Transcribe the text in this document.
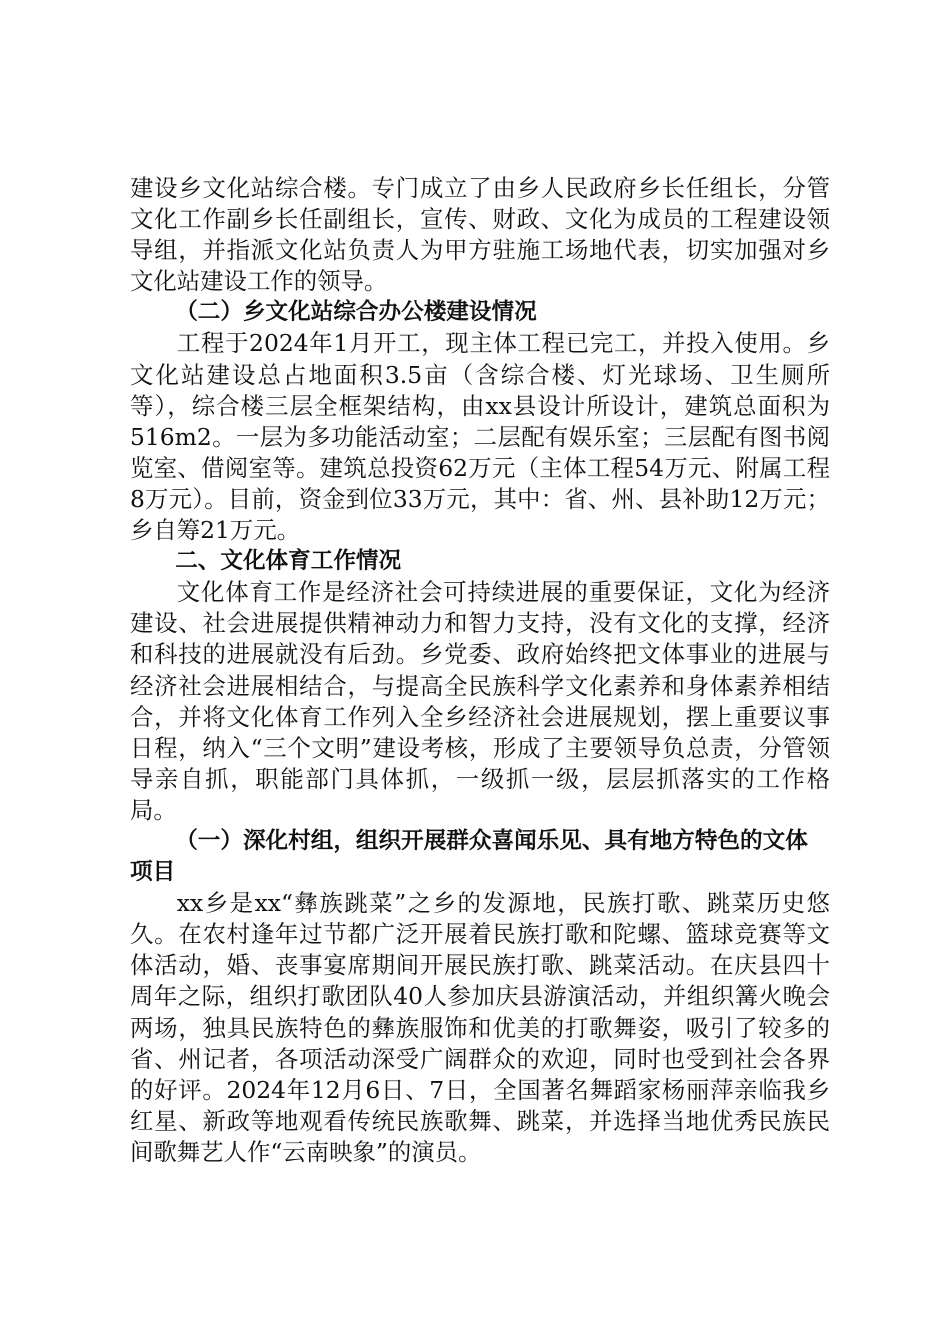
建设乡文化站综合楼。专门成立了由乡人民政府乡长任组长，分管文化工作副乡长任副组长，宣传、财政、文化为成员的工程建设领导组，并指派文化站负责人为甲方驻施工场地代表，切实加强对乡文化站建设工作的领导。

（二）乡文化站综合办公楼建设情况

工程于2024年1月开工，现主体工程已完工，并投入使用。乡文化站建设总占地面积3.5亩（含综合楼、灯光球场、卫生厕所等），综合楼三层全框架结构，由xx县设计所设计，建筑总面积为516m2。一层为多功能活动室；二层配有娱乐室；三层配有图书阅览室、借阅室等。建筑总投资62万元（主体工程54万元、附属工程8万元）。目前，资金到位33万元，其中：省、州、县补助12万元；乡自筹21万元。

二、文化体育工作情况

文化体育工作是经济社会可持续进展的重要保证，文化为经济建设、社会进展提供精神动力和智力支持，没有文化的支撑，经济和科技的进展就没有后劲。乡党委、政府始终把文体事业的进展与经济社会进展相结合，与提高全民族科学文化素养和身体素养相结合，并将文化体育工作列入全乡经济社会进展规划，摆上重要议事日程，纳入“三个文明”建设考核，形成了主要领导负总责，分管领导亲自抓，职能部门具体抓，一级抓一级，层层抓落实的工作格局。

（一）深化村组，组织开展群众喜闻乐见、具有地方特色的文体项目

xx乡是xx“彝族跳菜”之乡的发源地，民族打歌、跳菜历史悠久。在农村逢年过节都广泛开展着民族打歌和陀螺、篮球竞赛等文体活动，婚、丧事宴席期间开展民族打歌、跳菜活动。在庆县四十周年之际，组织打歌团队40人参加庆县游演活动，并组织篝火晚会两场，独具民族特色的彝族服饰和优美的打歌舞姿，吸引了较多的省、州记者，各项活动深受广阔群众的欢迎，同时也受到社会各界的好评。2024年12月6日、7日，全国著名舞蹈家杨丽萍亲临我乡红星、新政等地观看传统民族歌舞、跳菜，并选择当地优秀民族民间歌舞艺人作“云南映象”的演员。
